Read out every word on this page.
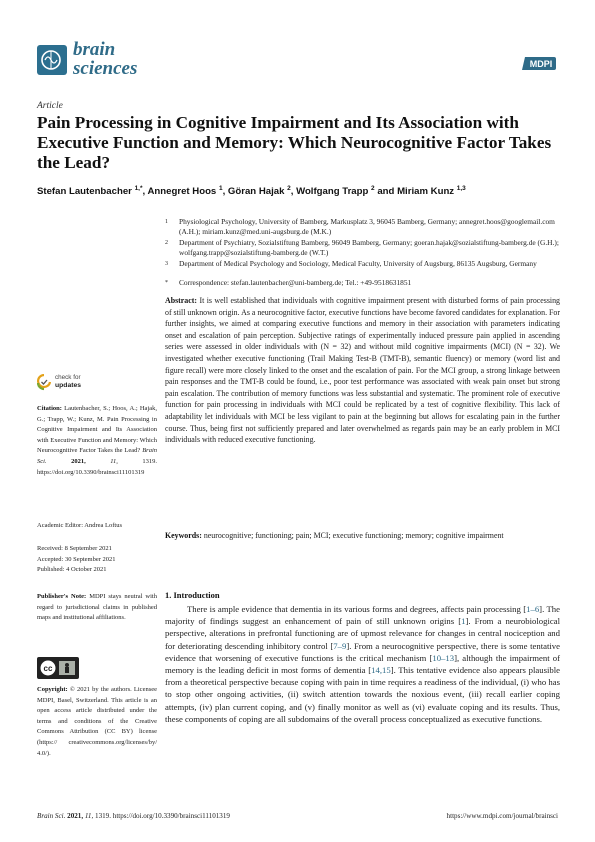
brain
sciences	MDPI
Article
Pain Processing in Cognitive Impairment and Its Association with Executive Function and Memory: Which Neurocognitive Factor Takes the Lead?
Stefan Lautenbacher $^{1,*}$, Annegret Hoos $^1$, Göran Hajak $^2$, Wolfgang Trapp $^2$ and Miriam Kunz $^{1,3}$
1 Physiological Psychology, University of Bamberg, Markusplatz 3, 96045 Bamberg, Germany; annegret.hoos@googlemail.com (A.H.); miriam.kunz@med.uni-augsburg.de (M.K.)
2 Department of Psychiatry, Sozialstiftung Bamberg, 96049 Bamberg, Germany; goeran.hajak@sozialstiftung-bamberg.de (G.H.); wolfgang.trapp@sozialstiftung-bamberg.de (W.T.)
3 Department of Medical Psychology and Sociology, Medical Faculty, University of Augsburg, 86135 Augsburg, Germany
* Correspondence: stefan.lautenbacher@uni-bamberg.de; Tel.: +49-9518631851
Abstract: It is well established that individuals with cognitive impairment present with disturbed forms of pain processing of still unknown origin. As a neurocognitive factor, executive functions have become favored candidates for explanation. For further insights, we aimed at comparing executive functions and memory in their association with parameters indicating onset and escalation of pain perception. Subjective ratings of experimentally induced pressure pain applied in ascending series were assessed in older individuals with (N = 32) and without mild cognitive impairments (MCI) (N = 32). We investigated whether executive functioning (Trail Making Test-B (TMT-B), semantic fluency) or memory (word list and figure recall) were more closely linked to the onset and the escalation of pain. For the MCI group, a strong linkage between pain responses and the TMT-B could be found, i.e., poor test performance was associated with weak pain onset but strong pain escalation. The contribution of memory functions was less substantial and systematic. The prominent role of executive function for pain processing in individuals with MCI could be replicated by a test of cognitive flexibility. This lack of adaptability let individuals with MCI be less vigilant to pain at the beginning but allows for escalating pain in the further course. Thus, being first not sufficiently prepared and later overwhelmed as regards pain may be an early problem in MCI individuals with reduced executive functioning.
Keywords: neurocognitive; functioning; pain; MCI; executive functioning; memory; cognitive impairment
1. Introduction

There is ample evidence that dementia in its various forms and degrees, affects pain processing [1–6]. The majority of findings suggest an enhancement of pain of still unknown origins [1]. From a neurobiological perspective, alterations in prefrontal functioning are of upmost relevance for changes in central nociception and for deteriorating descending inhibitory control [7–9]. From a neurocognitive perspective, there is some tentative evidence that worsening of executive functions is the critical mechanism [10–13], although the impairment of memory is the leading deficit in most forms of dementia [14,15]. This tentative evidence also appears plausible from a theoretical perspective because coping with pain in time requires a readiness of the individual, (i) who has to stop other ongoing activities, (ii) switch attention towards the noxious event, (iii) recall earlier coping attempts, (iv) plan current coping, and (v) finally monitor as well as (vi) evaluate coping and its results. Thus, these components of coping are all subdomains of the overall process conceptualized as executive functions.

check for
updates
Citation: Lautenbacher, S.; Hoos, A.; Hajak, G.; Trapp, W.; Kunz, M. Pain Processing in Cognitive Impairment and Its Association with Executive Function and Memory: Which Neurocognitive Factor Takes the Lead? Brain Sci.	2021,	11,	1319. https://doi.org/10.3390/brainsci11101319
Academic Editor: Andrea Loftus
Received: 8 September 2021
Accepted: 30 September 2021
Published: 4 October 2021
Publisher's Note: MDPI stays neutral with regard to jurisdictional claims in published maps and institutional affiliations.
cc
Copyright: © 2021 by the authors. Licensee MDPI, Basel, Switzerland. This article is an open access article distributed under the terms and conditions of the Creative Commons Attribution (CC BY) license (https:// creativecommons.org/licenses/by/ 4.0/).
Brain Sci. 2021, 11, 1319. https://doi.org/10.3390/brainsci11101319	https://www.mdpi.com/journal/brainsci
